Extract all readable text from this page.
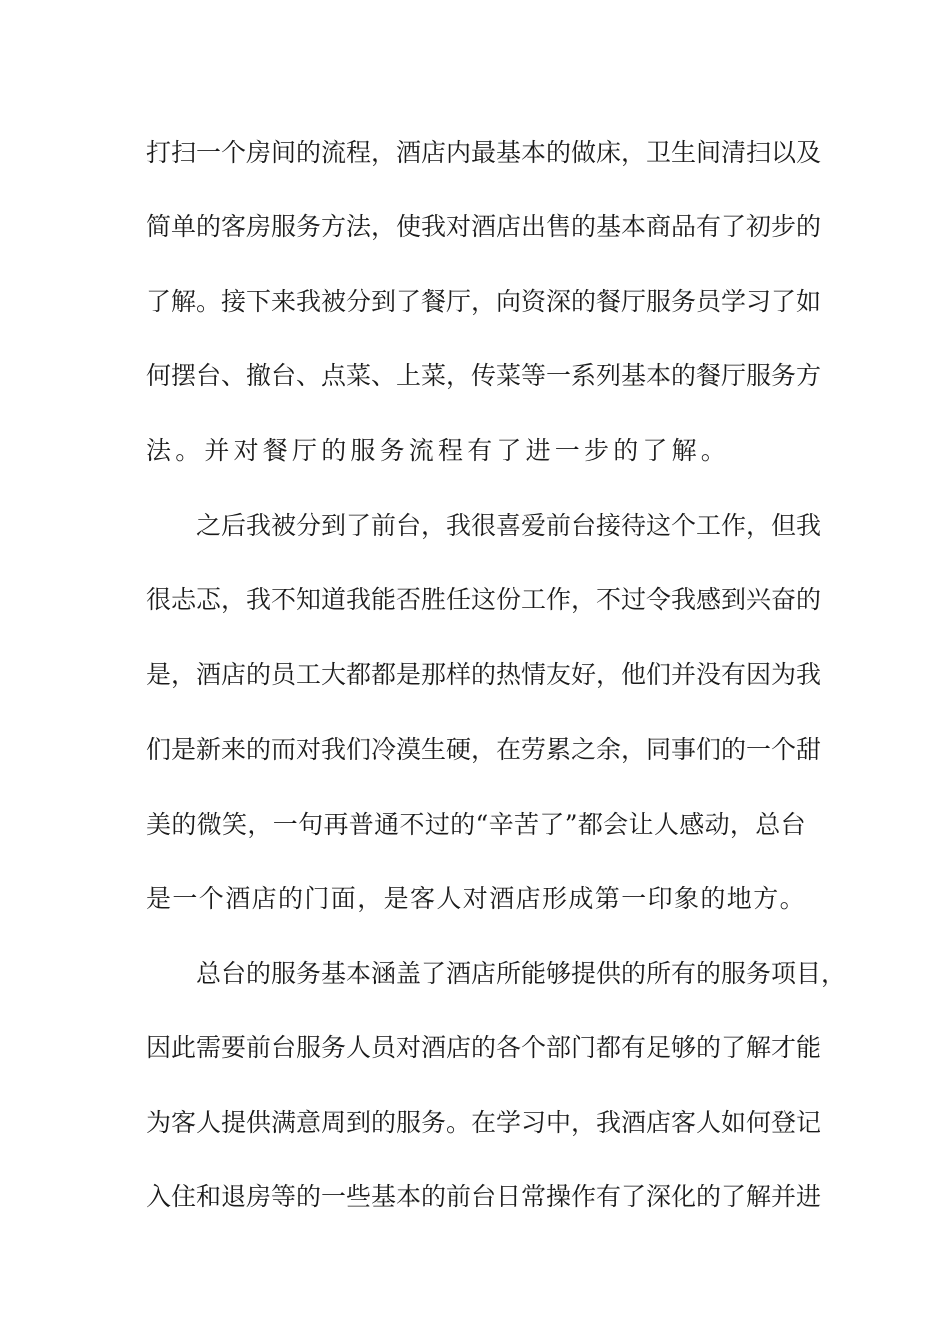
打扫一个房间的流程，酒店内最基本的做床，卫生间清扫以及
简单的客房服务方法，使我对酒店出售的基本商品有了初步的
了解。接下来我被分到了餐厅，向资深的餐厅服务员学习了如
何摆台、撤台、点菜、上菜，传菜等一系列基本的餐厅服务方
法。并对餐厅的服务流程有了进一步的了解。
之后我被分到了前台，我很喜爱前台接待这个工作，但我
很忐忑，我不知道我能否胜任这份工作，不过令我感到兴奋的
是，酒店的员工大都都是那样的热情友好，他们并没有因为我
们是新来的而对我们冷漠生硬，在劳累之余，同事们的一个甜
美的微笑，一句再普通不过的“辛苦了”都会让人感动，总台
是一个酒店的门面，是客人对酒店形成第一印象的地方。
总台的服务基本涵盖了酒店所能够提供的所有的服务项目，
因此需要前台服务人员对酒店的各个部门都有足够的了解才能
为客人提供满意周到的服务。在学习中，我酒店客人如何登记
入住和退房等的一些基本的前台日常操作有了深化的了解并进
